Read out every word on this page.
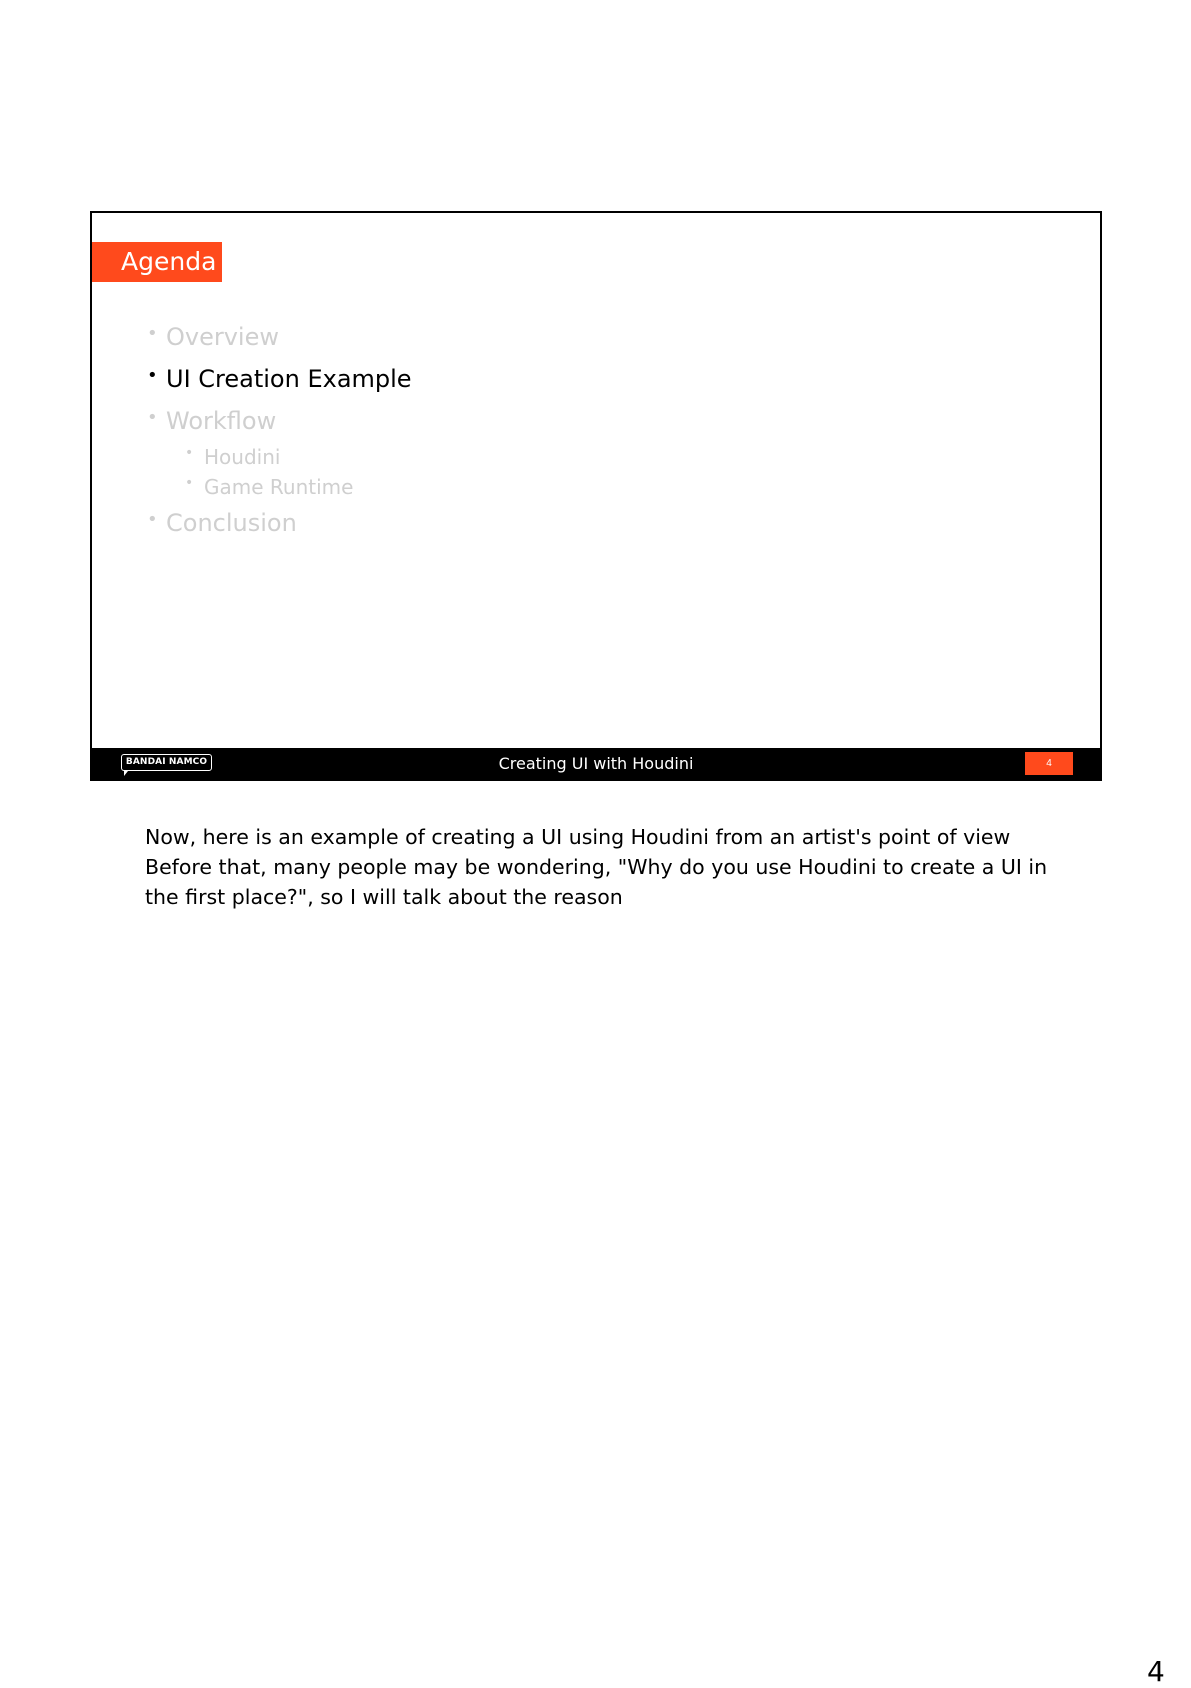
Agenda
• Overview
• UI Creation Example
• Workflow
• Houdini
• Game Runtime
• Conclusion
BANDAI NAMCO	Creating UI with Houdini	4
Now, here is an example of creating a UI using Houdini from an artist's point of view
Before that, many people may be wondering, "Why do you use Houdini to create a UI in the first place?", so I will talk about the reason
4
